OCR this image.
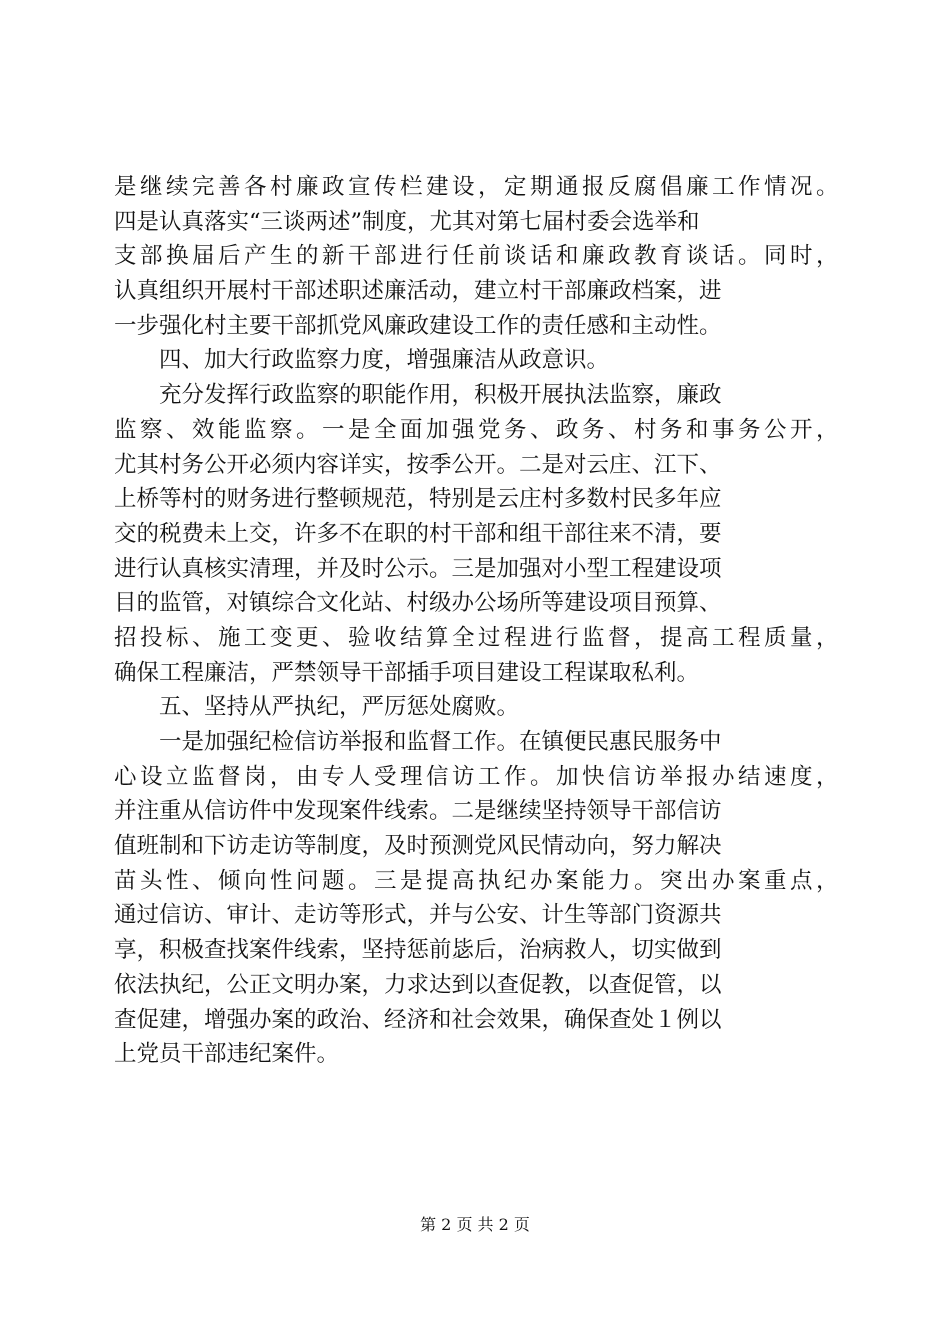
是继续完善各村廉政宣传栏建设，定期通报反腐倡廉工作情况。
四是认真落实“三谈两述”制度，尤其对第七届村委会选举和
支部换届后产生的新干部进行任前谈话和廉政教育谈话。同时，
认真组织开展村干部述职述廉活动，建立村干部廉政档案，进
一步强化村主要干部抓党风廉政建设工作的责任感和主动性。
四、加大行政监察力度，增强廉洁从政意识。
充分发挥行政监察的职能作用，积极开展执法监察，廉政
监察、效能监察。一是全面加强党务、政务、村务和事务公开，
尤其村务公开必须内容详实，按季公开。二是对云庄、江下、
上桥等村的财务进行整顿规范，特别是云庄村多数村民多年应
交的税费未上交，许多不在职的村干部和组干部往来不清，要
进行认真核实清理，并及时公示。三是加强对小型工程建设项
目的监管，对镇综合文化站、村级办公场所等建设项目预算、
招投标、施工变更、验收结算全过程进行监督，提高工程质量，
确保工程廉洁，严禁领导干部插手项目建设工程谋取私利。
五、坚持从严执纪，严厉惩处腐败。
一是加强纪检信访举报和监督工作。在镇便民惠民服务中
心设立监督岗，由专人受理信访工作。加快信访举报办结速度，
并注重从信访件中发现案件线索。二是继续坚持领导干部信访
值班制和下访走访等制度，及时预测党风民情动向，努力解决
苗头性、倾向性问题。三是提高执纪办案能力。突出办案重点，
通过信访、审计、走访等形式，并与公安、计生等部门资源共
享，积极查找案件线索，坚持惩前毖后，治病救人，切实做到
依法执纪，公正文明办案，力求达到以查促教，以查促管，以
查促建，增强办案的政治、经济和社会效果，确保查处１例以
上党员干部违纪案件。
第 2 页 共 2 页
